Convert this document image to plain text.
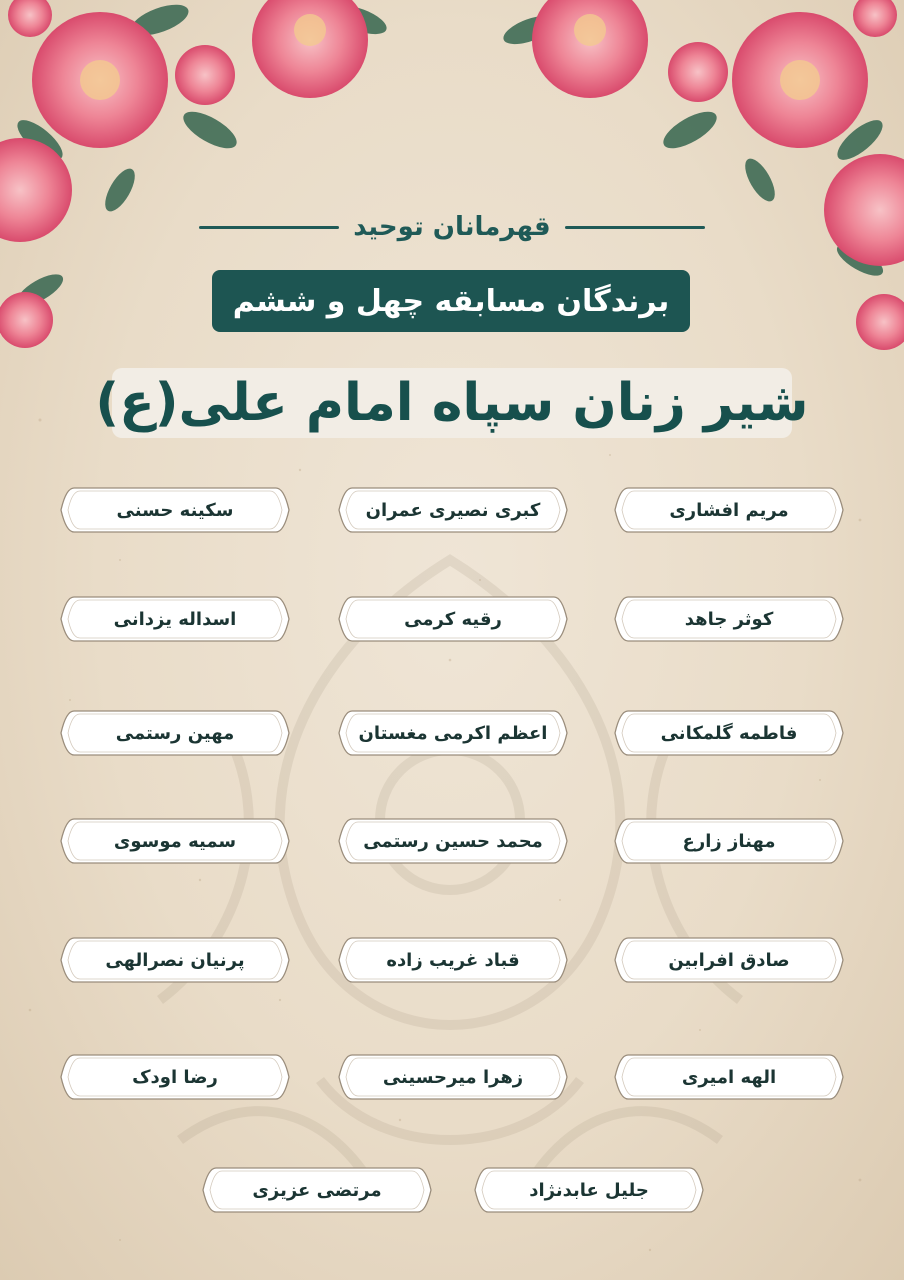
قهرمانان توحید
برندگان مسابقه چهل و ششم
شیر زنان سپاه امام علی(ع)
مریم افشاری
کبری نصیری عمران
سکینه حسنی
کوثر جاهد
رقیه کرمی
اسداله یزدانی
فاطمه گلمکانی
اعظم اکرمی مغستان
مهین رستمی
مهناز زارع
محمد حسین رستمی
سمیه موسوی
صادق افرابین
قباد غریب زاده
پرنیان نصرالهی
الهه امیری
زهرا میرحسینی
رضا اودک
جلیل عابدنژاد
مرتضی عزیزی
